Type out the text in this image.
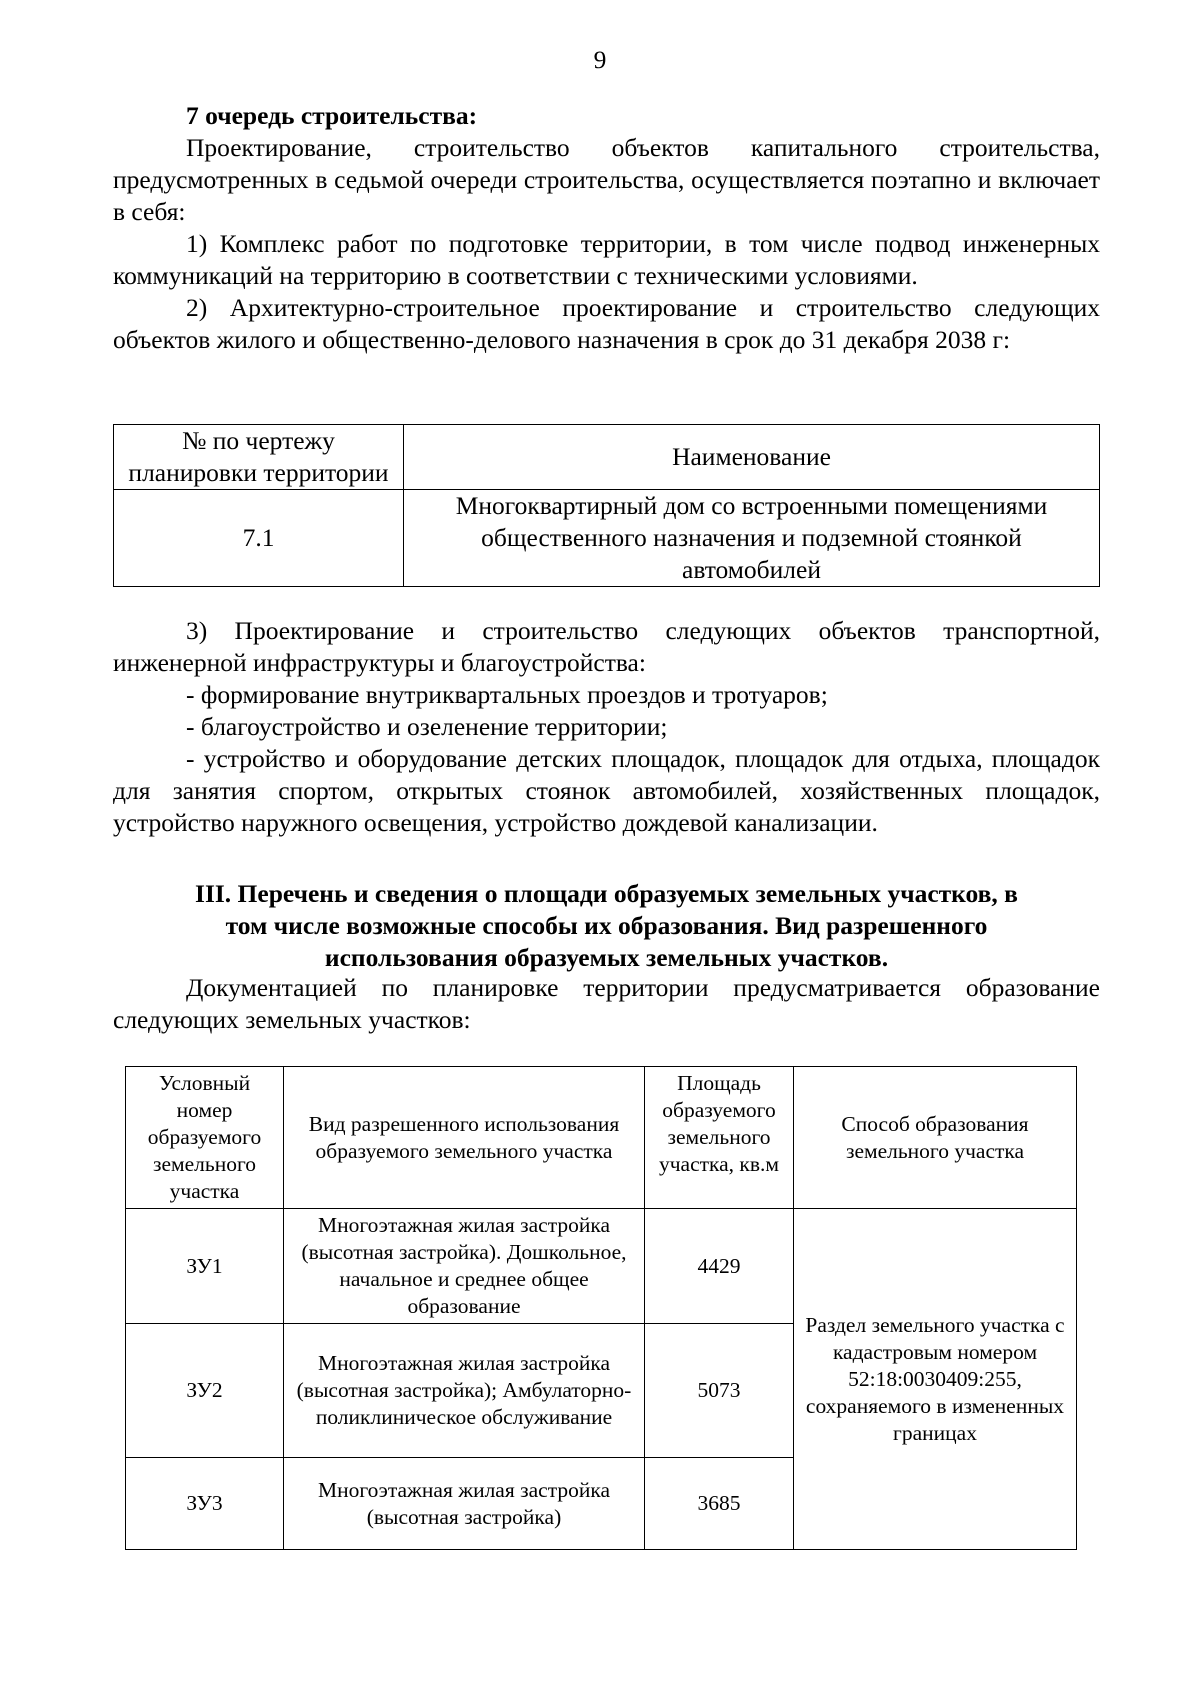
9

7 очередь строительства:

Проектирование, строительство объектов капитального строительства, предусмотренных в седьмой очереди строительства, осуществляется поэтапно и включает в себя:

1) Комплекс работ по подготовке территории, в том числе подвод инженерных коммуникаций на территорию в соответствии с техническими условиями.

2) Архитектурно-строительное проектирование и строительство следующих объектов жилого и общественно-делового назначения в срок до 31 декабря 2038 г:

№ по чертежу планировки территории	Наименование
7.1	Многоквартирный дом со встроенными помещениями общественного назначения и подземной стоянкой автомобилей

3) Проектирование и строительство следующих объектов транспортной, инженерной инфраструктуры и благоустройства:

- формирование внутриквартальных проездов и тротуаров;

- благоустройство и озеленение территории;

- устройство и оборудование детских площадок, площадок для отдыха, площадок для занятия спортом, открытых стоянок автомобилей, хозяйственных площадок, устройство наружного освещения, устройство дождевой канализации.

III. Перечень и сведения о площади образуемых земельных участков, в
том числе возможные способы их образования. Вид разрешенного
использования образуемых земельных участков.

Документацией по планировке территории предусматривается образование следующих земельных участков:

Условный номер образуемого земельного участка	Вид разрешенного использования образуемого земельного участка	Площадь образуемого земельного участка, кв.м	Способ образования земельного участка
ЗУ1	Многоэтажная жилая застройка (высотная застройка). Дошкольное, начальное и среднее общее образование	4429	Раздел земельного участка с кадастровым номером 52:18:0030409:255, сохраняемого в измененных границах
ЗУ2	Многоэтажная жилая застройка (высотная застройка); Амбулаторно-поликлиническое обслуживание	5073	
ЗУ3	Многоэтажная жилая застройка (высотная застройка)	3685	
